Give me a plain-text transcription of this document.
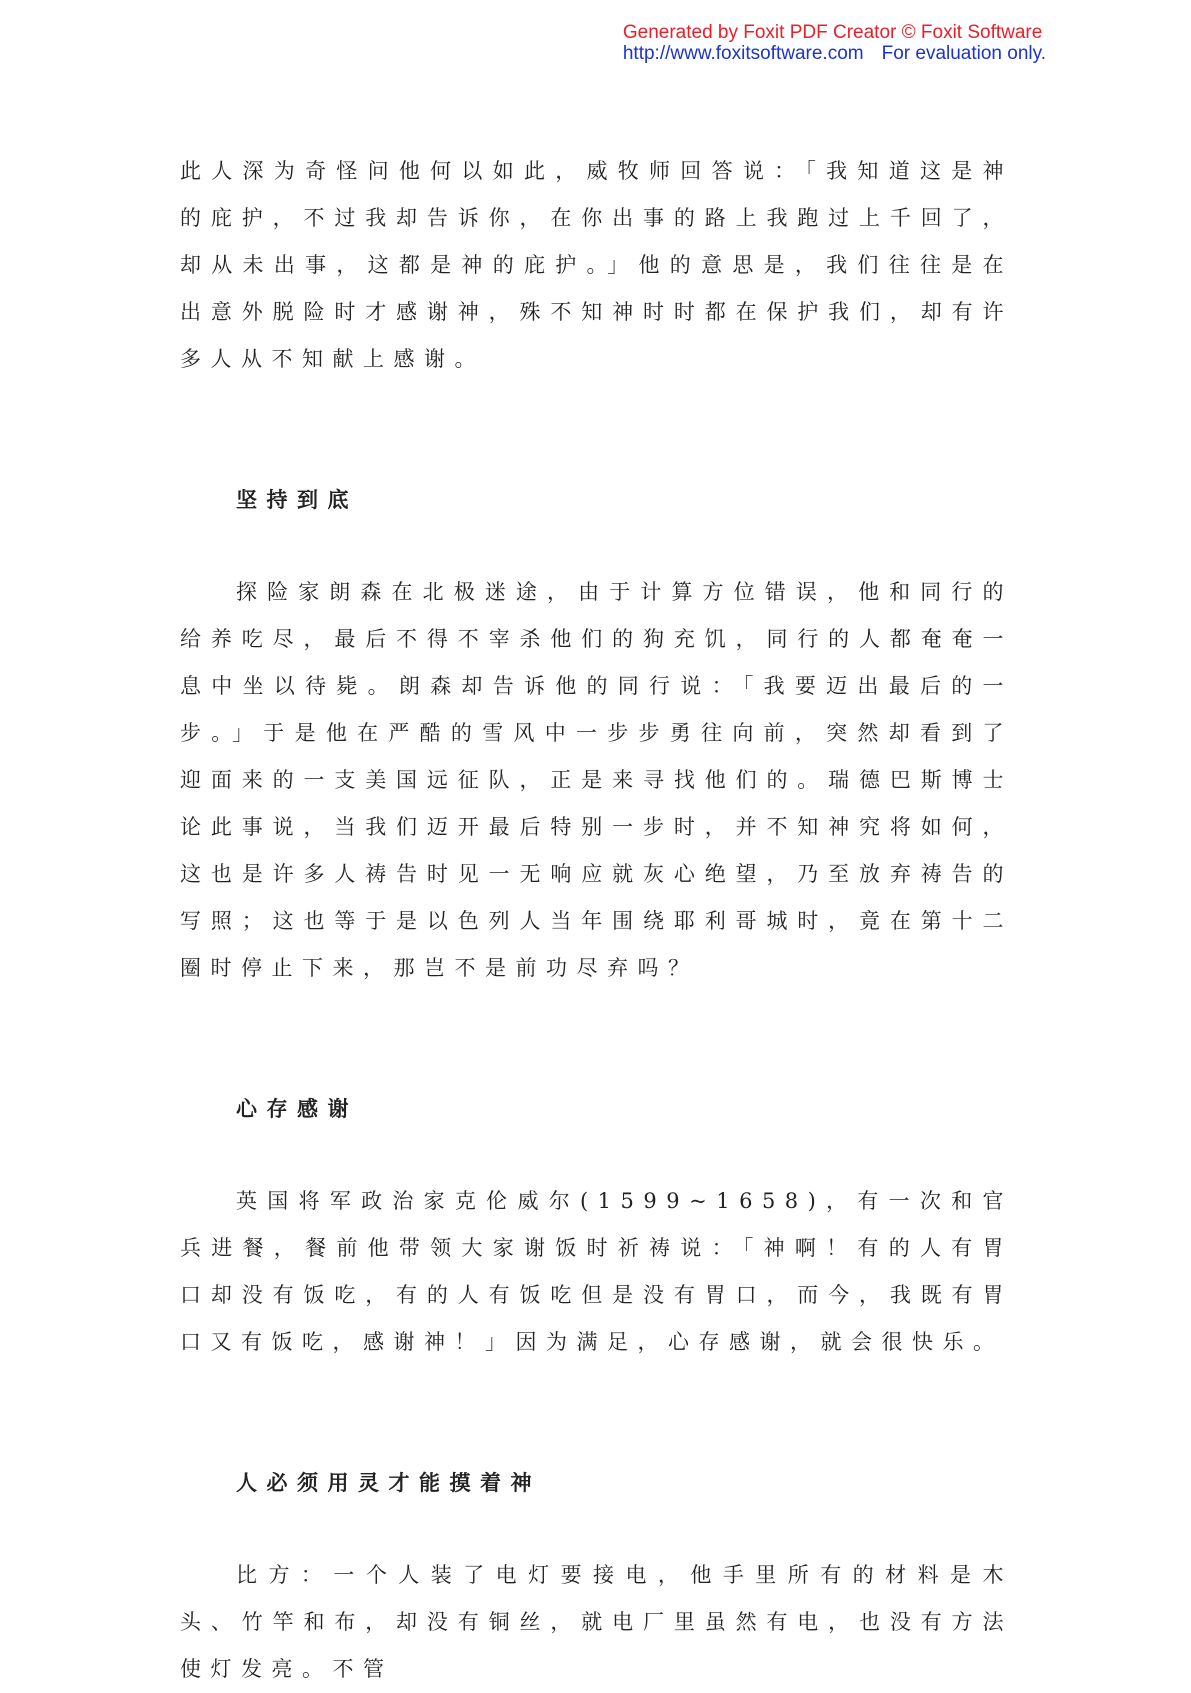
Generated by Foxit PDF Creator © Foxit Software
http://www.foxitsoftware.com For evaluation only.

此人深为奇怪问他何以如此，威牧师回答说：「我知道这是神的庇护，不过我却告诉你，在你出事的路上我跑过上千回了，却从未出事，这都是神的庇护。」他的意思是，我们往往是在出意外脱险时才感谢神，殊不知神时时都在保护我们，却有许多人从不知献上感谢。

坚持到底

探险家朗森在北极迷途，由于计算方位错误，他和同行的给养吃尽，最后不得不宰杀他们的狗充饥，同行的人都奄奄一息中坐以待毙。朗森却告诉他的同行说：「我要迈出最后的一步。」于是他在严酷的雪风中一步步勇往向前，突然却看到了迎面来的一支美国远征队，正是来寻找他们的。瑞德巴斯博士论此事说，当我们迈开最后特别一步时，并不知神究将如何，这也是许多人祷告时见一无响应就灰心绝望，乃至放弃祷告的写照；这也等于是以色列人当年围绕耶利哥城时，竟在第十二圈时停止下来，那岂不是前功尽弃吗？

心存感谢

英国将军政治家克伦威尔(1599~1658)，有一次和官兵进餐，餐前他带领大家谢饭时祈祷说：「神啊！有的人有胃口却没有饭吃，有的人有饭吃但是没有胃口，而今，我既有胃口又有饭吃，感谢神！」因为满足，心存感谢，就会很快乐。

人必须用灵才能摸着神

比方：一个人装了电灯要接电，他手里所有的材料是木头、竹竿和布，却没有铜丝，就电厂里虽然有电，也没有方法使灯发亮。不管
